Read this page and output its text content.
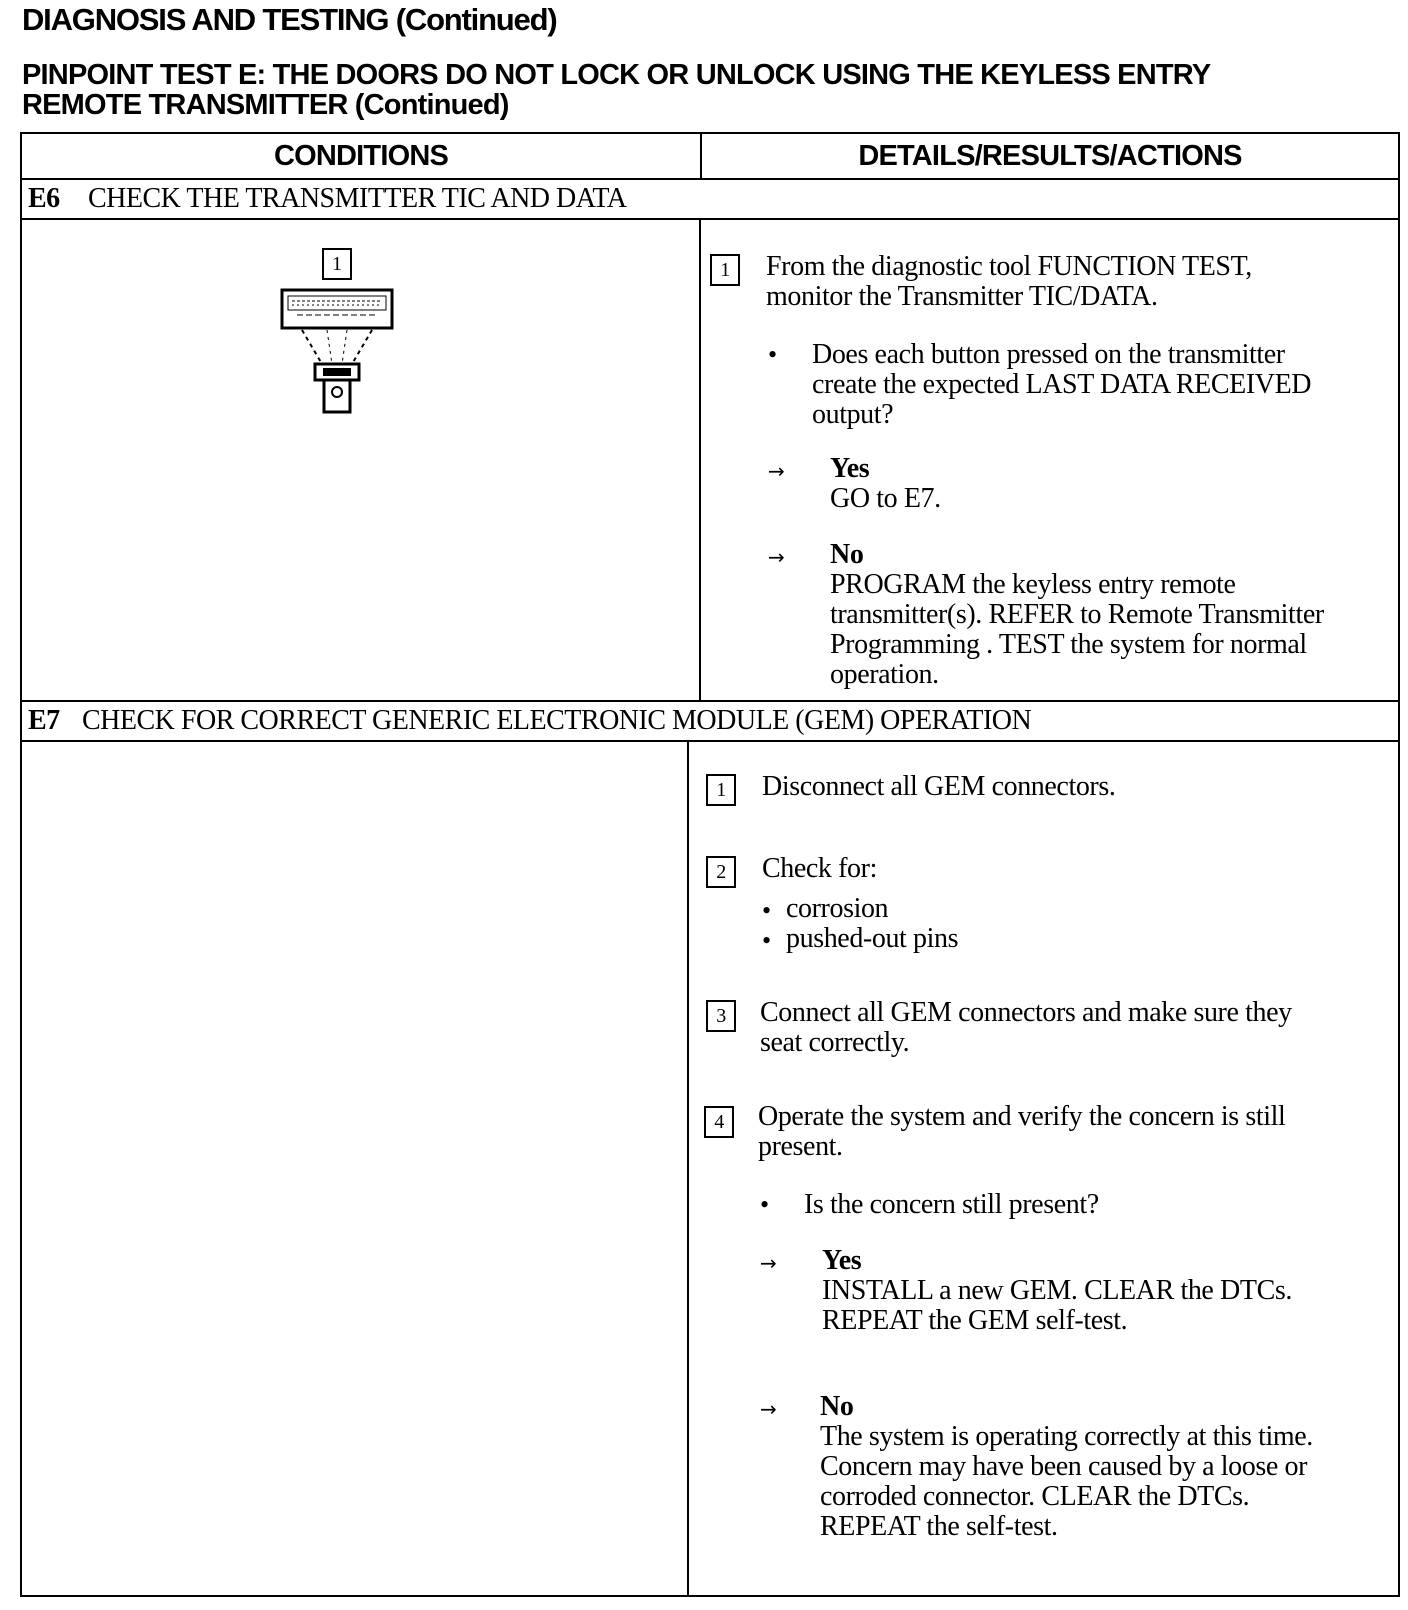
DIAGNOSIS AND TESTING (Continued)
PINPOINT TEST E: THE DOORS DO NOT LOCK OR UNLOCK USING THE KEYLESS ENTRY
REMOTE TRANSMITTER (Continued)
CONDITIONS	DETAILS/RESULTS/ACTIONS
E6 CHECK THE TRANSMITTER TIC AND DATA
1	1	From the diagnostic tool FUNCTION TEST,
monitor the Transmitter TIC/DATA.
• Does each button pressed on the transmitter
create the expected LAST DATA RECEIVED
output?
→ Yes
GO to E7.
→ No
PROGRAM the keyless entry remote
transmitter(s). REFER to Remote Transmitter
Programming . TEST the system for normal
operation.
E7 CHECK FOR CORRECT GENERIC ELECTRONIC MODULE (GEM) OPERATION
1	Disconnect all GEM connectors.
2	Check for:
• corrosion
• pushed-out pins
3	Connect all GEM connectors and make sure they
seat correctly.
4	Operate the system and verify the concern is still
present.
• Is the concern still present?
→ Yes
INSTALL a new GEM. CLEAR the DTCs.
REPEAT the GEM self-test.
→ No
The system is operating correctly at this time.
Concern may have been caused by a loose or
corroded connector. CLEAR the DTCs.
REPEAT the self-test.
